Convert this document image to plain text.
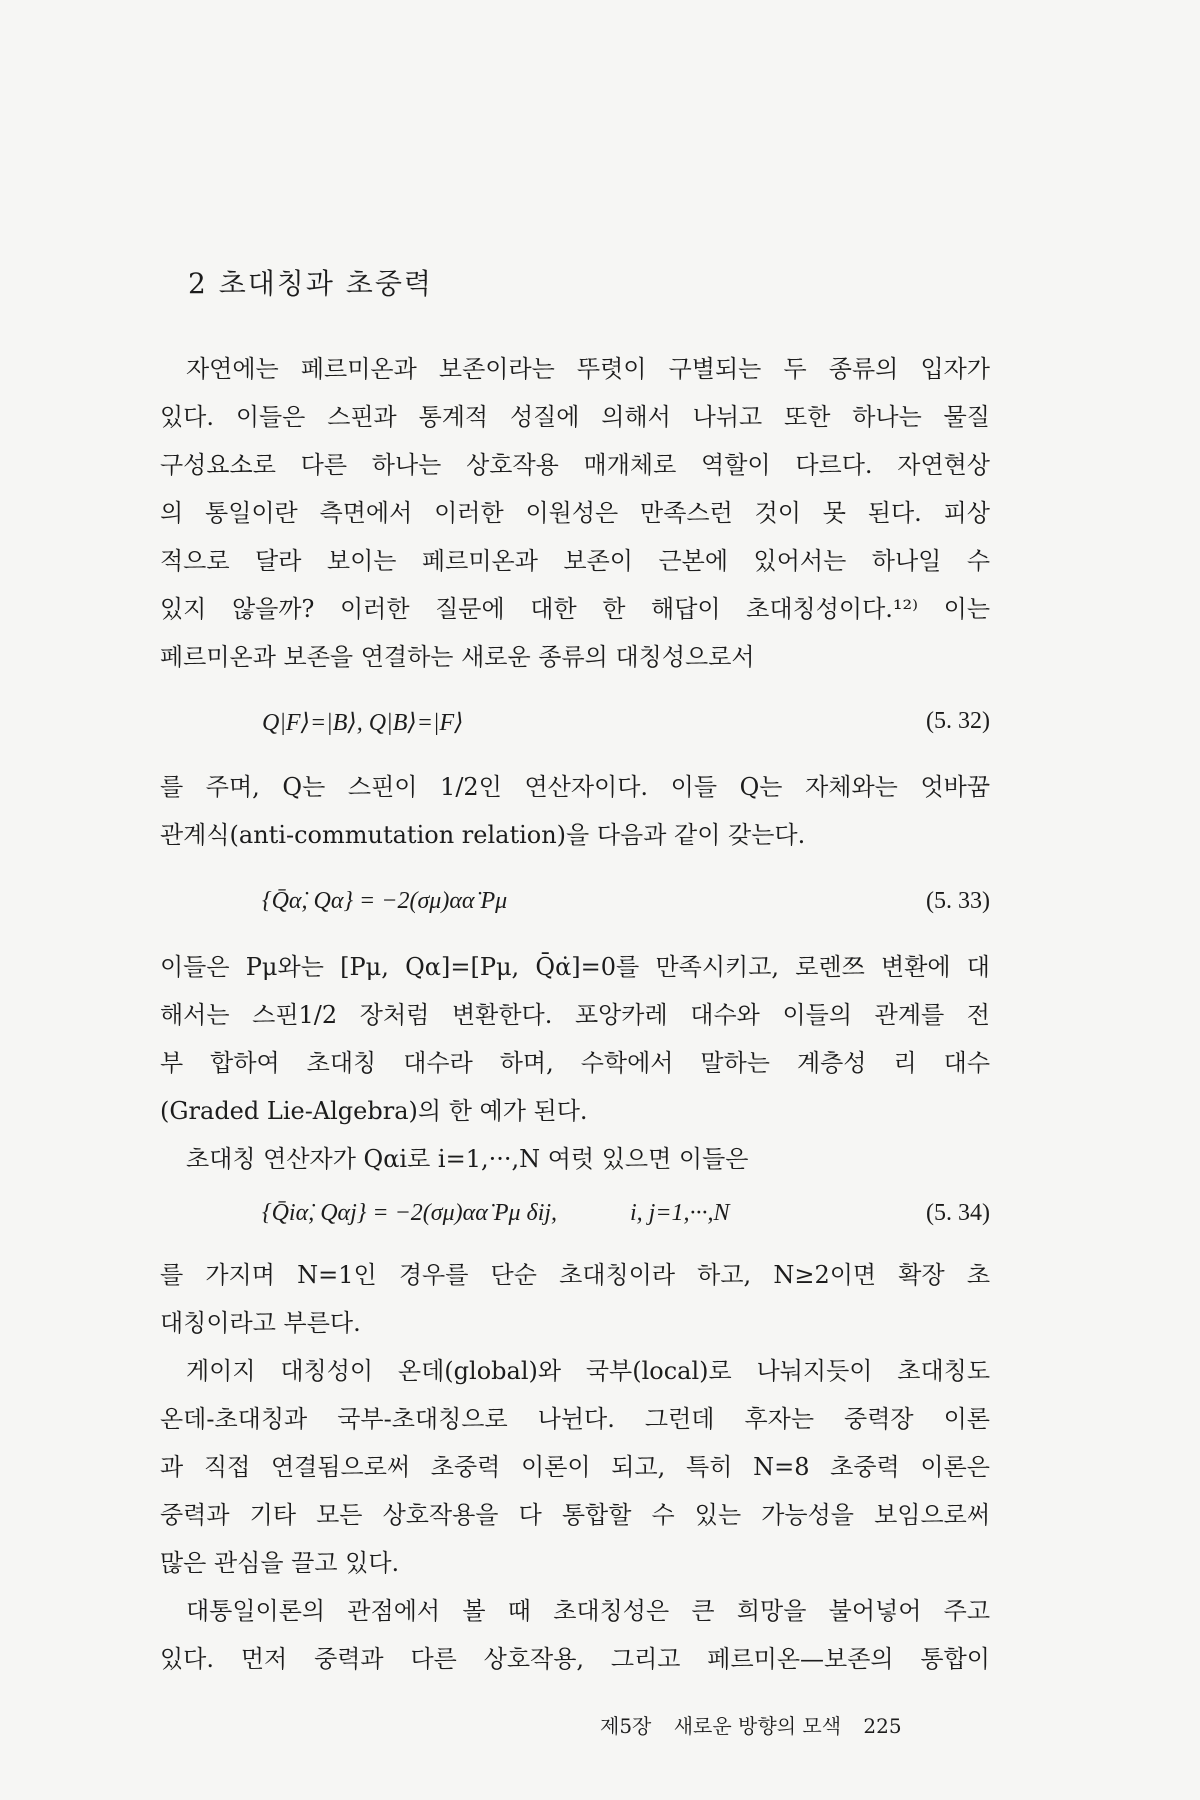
2 초대칭과 초중력
자연에는 페르미온과 보존이라는 뚜렷이 구별되는 두 종류의 입자가
있다. 이들은 스핀과 통계적 성질에 의해서 나뉘고 또한 하나는 물질
구성요소로 다른 하나는 상호작용 매개체로 역할이 다르다. 자연현상
의 통일이란 측면에서 이러한 이원성은 만족스런 것이 못 된다. 피상
적으로 달라 보이는 페르미온과 보존이 근본에 있어서는 하나일 수
있지 않을까? 이러한 질문에 대한 한 해답이 초대칭성이다.¹²⁾ 이는
페르미온과 보존을 연결하는 새로운 종류의 대칭성으로서
Q|F⟩=|B⟩, Q|B⟩=|F⟩	(5. 32)
를 주며, Q는 스핀이 1/2인 연산자이다. 이들 Q는 자체와는 엇바꿈
관계식(anti-commutation relation)을 다음과 같이 갖는다.
{Q̄α̇, Qα} = −2(σμ)αα̇ Pμ	(5. 33)
이들은 Pμ와는 [Pμ, Qα]=[Pμ, Q̄α̇]=0를 만족시키고, 로렌쯔 변환에 대
해서는 스핀1/2 장처럼 변환한다. 포앙카레 대수와 이들의 관계를 전
부 합하여 초대칭 대수라 하며, 수학에서 말하는 계층성 리 대수
(Graded Lie-Algebra)의 한 예가 된다.
초대칭 연산자가 Qαi로 i=1,···,N 여럿 있으면 이들은
{Q̄iα̇, Qαj} = −2(σμ)αα̇ Pμ δij,	i, j=1,···,N	(5. 34)
를 가지며 N=1인 경우를 단순 초대칭이라 하고, N≥2이면 확장 초
대칭이라고 부른다.
게이지 대칭성이 온데(global)와 국부(local)로 나눠지듯이 초대칭도
온데-초대칭과 국부-초대칭으로 나뉜다. 그런데 후자는 중력장 이론
과 직접 연결됨으로써 초중력 이론이 되고, 특히 N=8 초중력 이론은
중력과 기타 모든 상호작용을 다 통합할 수 있는 가능성을 보임으로써
많은 관심을 끌고 있다.
대통일이론의 관점에서 볼 때 초대칭성은 큰 희망을 불어넣어 주고
있다. 먼저 중력과 다른 상호작용, 그리고 페르미온—보존의 통합이
제5장 새로운 방향의 모색 225
